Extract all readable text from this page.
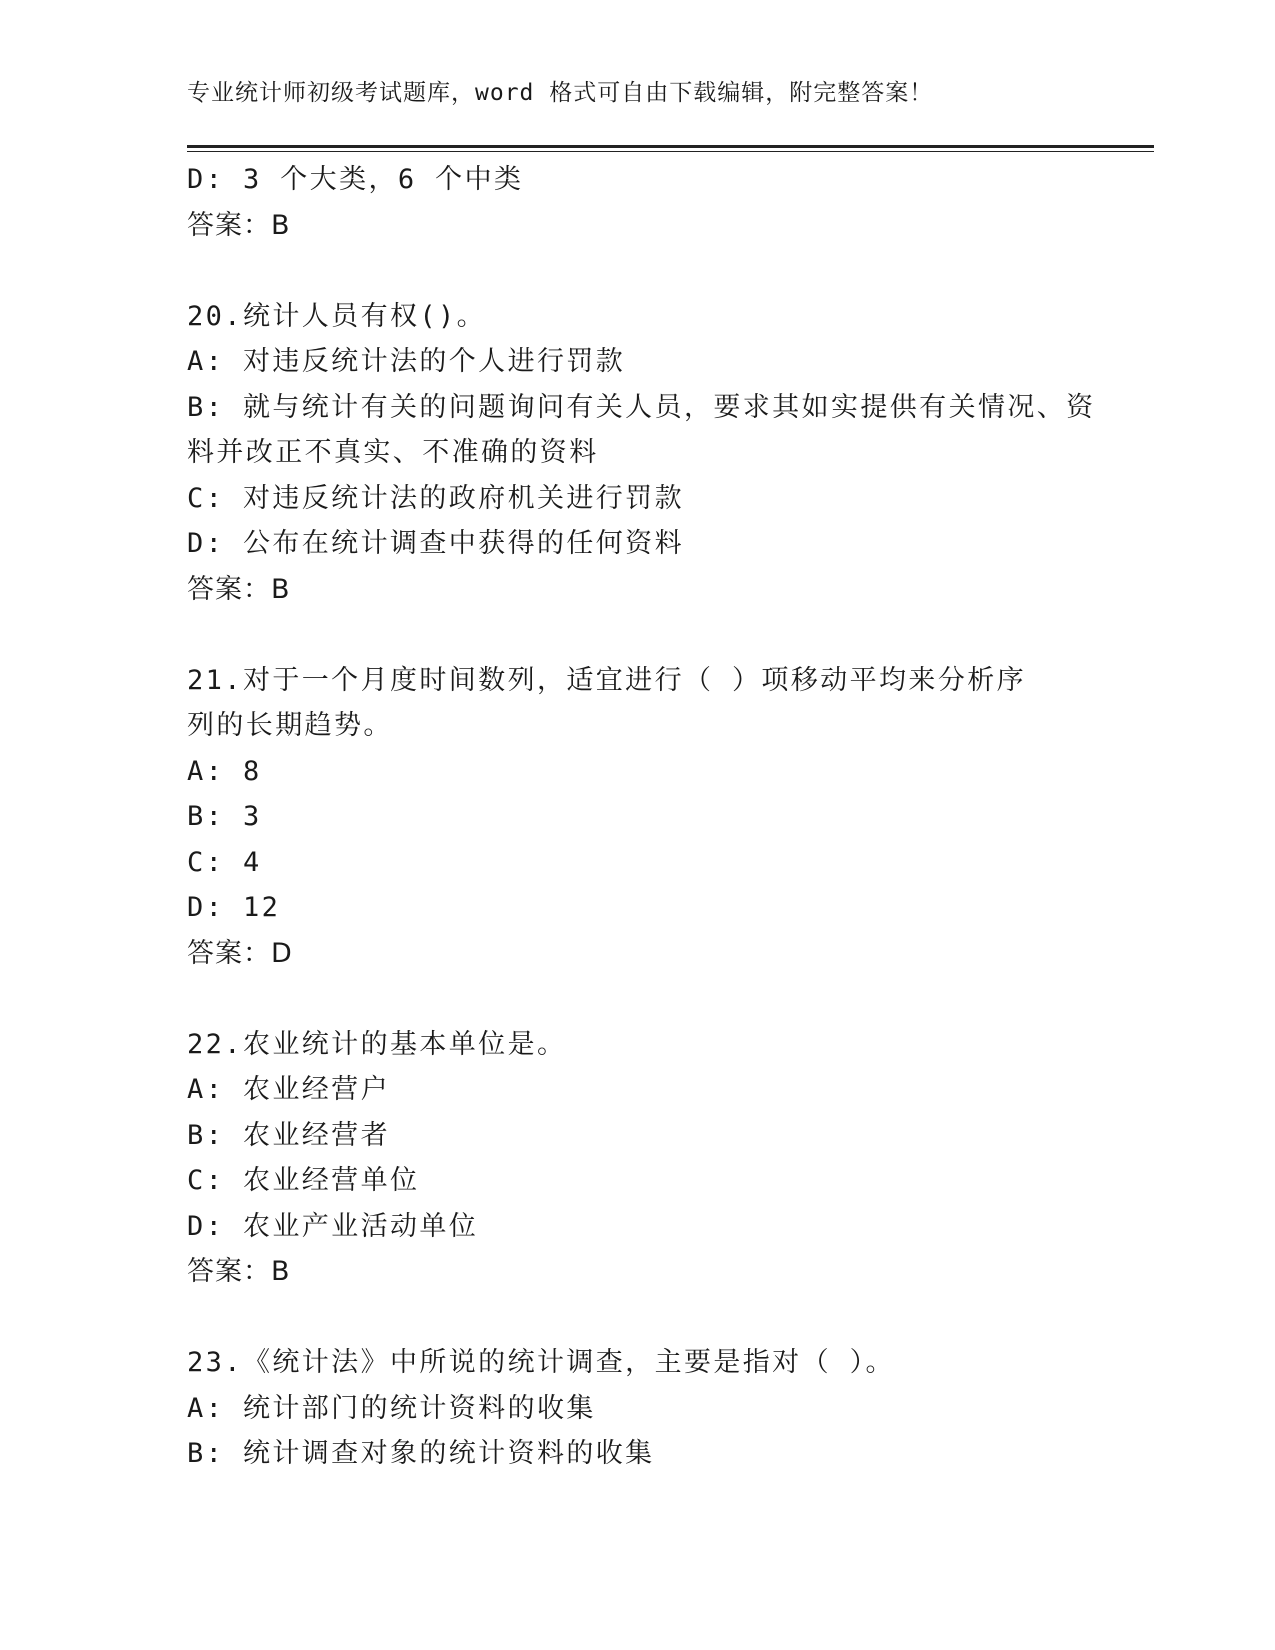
专业统计师初级考试题库，word 格式可自由下载编辑，附完整答案！
D: 3 个大类，6 个中类
答案：B
20.统计人员有权()。
A: 对违反统计法的个人进行罚款
B: 就与统计有关的问题询问有关人员，要求其如实提供有关情况、资
料并改正不真实、不准确的资料
C: 对违反统计法的政府机关进行罚款
D: 公布在统计调查中获得的任何资料
答案：B
21.对于一个月度时间数列，适宜进行（ ）项移动平均来分析序
列的长期趋势。
A: 8
B: 3
C: 4
D: 12
答案：D
22.农业统计的基本单位是。
A: 农业经营户
B: 农业经营者
C: 农业经营单位
D: 农业产业活动单位
答案：B
23.《统计法》中所说的统计调查，主要是指对（ ）。
A: 统计部门的统计资料的收集
B: 统计调查对象的统计资料的收集
